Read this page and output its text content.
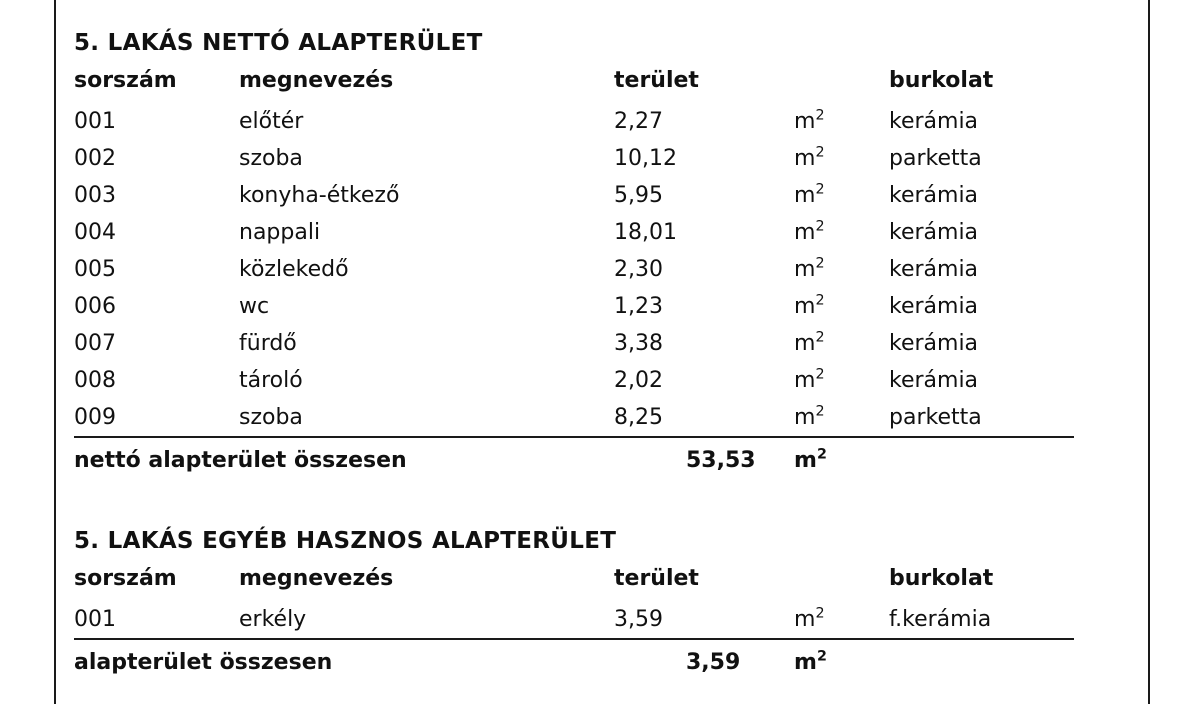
5. LAKÁS NETTÓ ALAPTERÜLET
sorszám	megnevezés	terület		burkolat
001	előtér	2,27	$m^2$	kerámia
002	szoba	10,12	$m^2$	parketta
003	konyha-étkező	5,95	$m^2$	kerámia
004	nappali	18,01	$m^2$	kerámia
005	közlekedő	2,30	$m^2$	kerámia
006	wc	1,23	$m^2$	kerámia
007	fürdő	3,38	$m^2$	kerámia
008	tároló	2,02	$m^2$	kerámia
009	szoba	8,25	$m^2$	parketta
nettó alapterület összesen		53,53	$m^2$	
5. LAKÁS EGYÉB HASZNOS ALAPTERÜLET
sorszám	megnevezés	terület		burkolat
001	erkély	3,59	$m^2$	f.kerámia
alapterület összesen		3,59	$m^2$	
